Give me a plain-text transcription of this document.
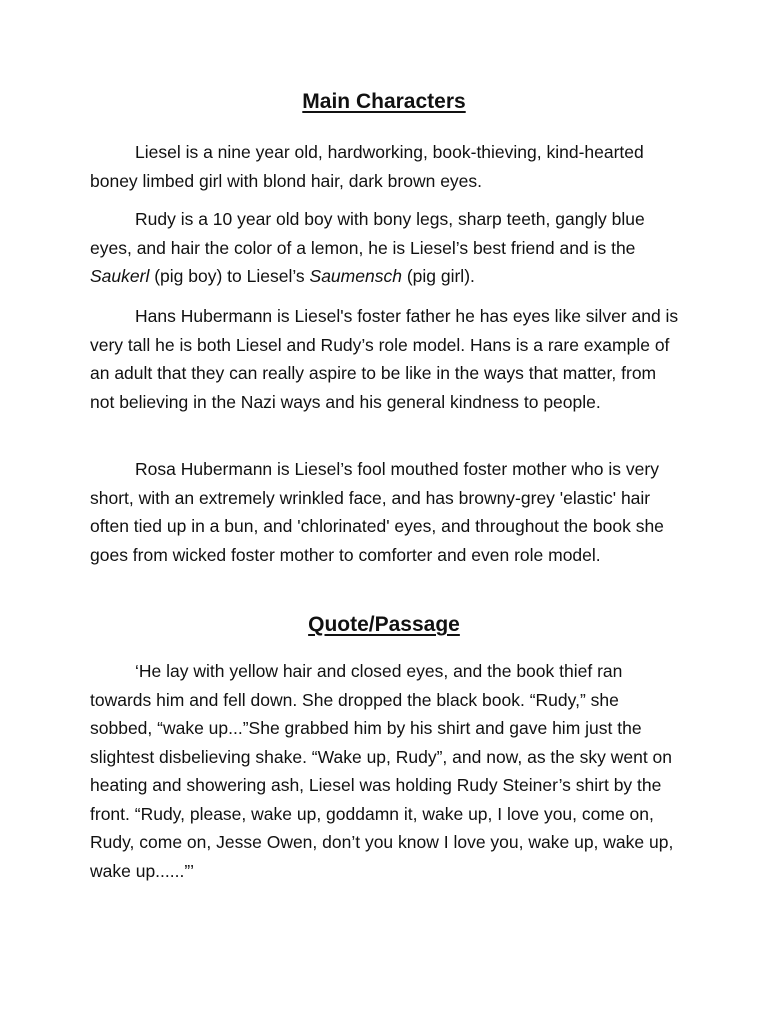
Main Characters

Liesel is a nine year old, hardworking, book-thieving, kind-hearted boney limbed girl with blond hair, dark brown eyes.

Rudy is a 10 year old boy with bony legs, sharp teeth, gangly blue eyes, and hair the color of a lemon, he is Liesel’s best friend and is the Saukerl (pig boy) to Liesel’s Saumensch (pig girl).

Hans Hubermann is Liesel's foster father he has eyes like silver and is very tall he is both Liesel and Rudy’s role model. Hans is a rare example of an adult that they can really aspire to be like in the ways that matter, from not believing in the Nazi ways and his general kindness to people.

Rosa Hubermann is Liesel’s fool mouthed foster mother who is very short, with an extremely wrinkled face, and has browny-grey 'elastic' hair often tied up in a bun, and 'chlorinated' eyes, and throughout the book she goes from wicked foster mother to comforter and even role model.

Quote/Passage

‘He lay with yellow hair and closed eyes, and the book thief ran towards him and fell down. She dropped the black book. “Rudy,” she sobbed, “wake up...”She grabbed him by his shirt and gave him just the slightest disbelieving shake. “Wake up, Rudy”, and now, as the sky went on heating and showering ash, Liesel was holding Rudy Steiner’s shirt by the front. “Rudy, please, wake up, goddamn it, wake up, I love you, come on, Rudy, come on, Jesse Owen, don’t you know I love you, wake up, wake up, wake up......”’
